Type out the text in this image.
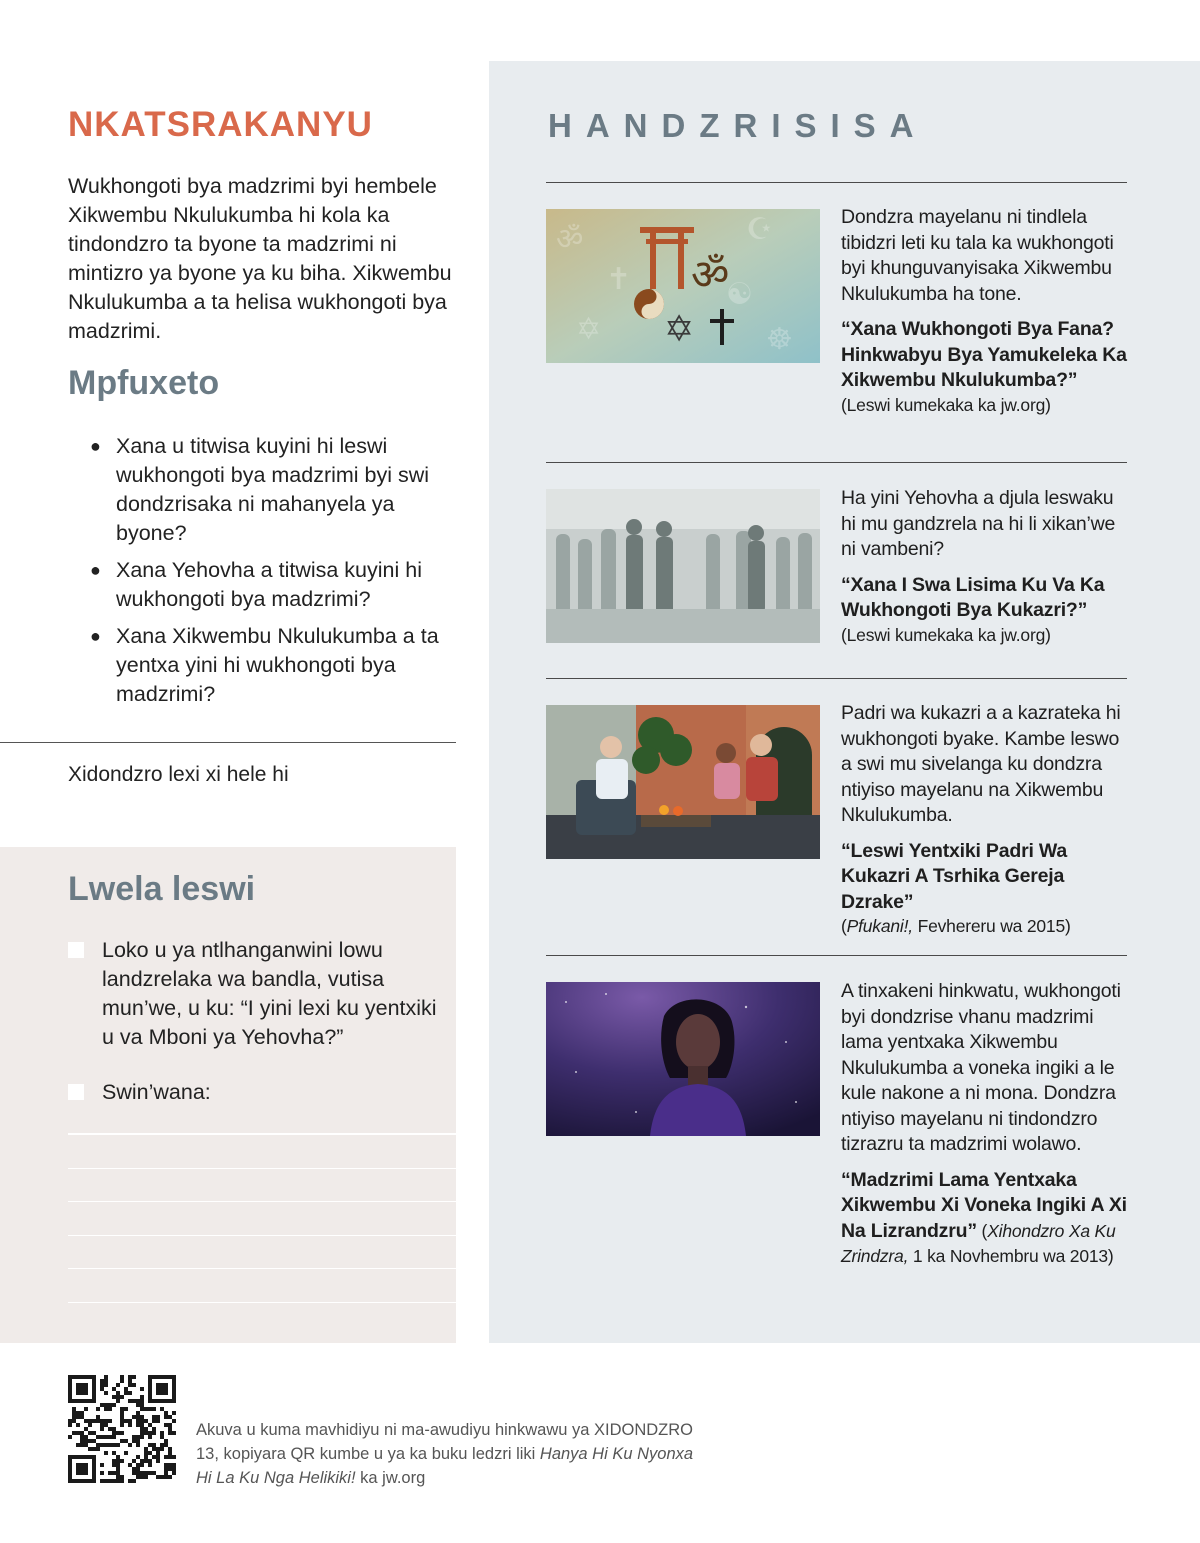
NKATSRAKANYU
Wukhongoti bya madzrimi byi hembele Xikwembu Nkulukumba hi kola ka tindondzro ta byone ta madzrimi ni mintizro ya byone ya ku biha. Xikwembu Nkulukumba a ta helisa wukhongoti bya madzrimi.
Mpfuxeto
● Xana u titwisa kuyini hi leswi wukhongoti bya madzrimi byi swi dondzrisaka ni mahanyela ya byone?
● Xana Yehovha a titwisa kuyini hi wukhongoti bya madzrimi?
● Xana Xikwembu Nkulukumba a ta yentxa yini hi wukhongoti bya madzrimi?
Xidondzro lexi xi hele hi
Lwela leswi
Loko u ya ntlhanganwini lowu landzrelaka wa bandla, vutisa mun’we, u ku: “I yini lexi ku yentxiki u va Mboni ya Yehovha?”
Swin’wana:
HANDZRISISA
ॐ	☪
✡	☸
✝	☯
ॐ
✡
Dondzra mayelanu ni tindlela tibidzri leti ku tala ka wukhongoti byi khunguvanyisaka Xikwembu Nkulukumba ha tone.
“Xana Wukhongoti Bya Fana? Hinkwabyu Bya Yamukeleka Ka Xikwembu Nkulukumba?”
(Leswi kumekaka ka jw.org)
Ha yini Yehovha a djula leswaku hi mu gandzrela na hi li xikan’we ni vambeni?
“Xana I Swa Lisima Ku Va Ka Wukhongoti Bya Kukazri?”
(Leswi kumekaka ka jw.org)
Padri wa kukazri a a kazrateka hi wukhongoti byake. Kambe leswo a swi mu sivelanga ku dondzra ntiyiso mayelanu na Xikwembu Nkulukumba.
“Leswi Yentxiki Padri Wa Kukazri A Tsrhika Gereja Dzrake”
(Pfukani!, Fevhereru wa 2015)
A tinxakeni hinkwatu, wukhongoti byi dondzrise vhanu madzrimi lama yentxaka Xikwembu Nkulukumba a voneka ingiki a le kule nakone a ni mona. Dondzra ntiyiso mayelanu ni tindondzro tizrazru ta madzrimi wolawo.
“Madzrimi Lama Yentxaka Xikwembu Xi Voneka Ingiki A Xi Na Lizrandzru” (Xihondzro Xa Ku Zrindzra, 1 ka Novhembru wa 2013)
Akuva u kuma mavhidiyu ni ma-awudiyu hinkwawu ya XIDONDZRO 13, kopiyara QR kumbe u ya ka buku ledzri liki Hanya Hi Ku Nyonxa Hi La Ku Nga Helikiki! ka jw.org
